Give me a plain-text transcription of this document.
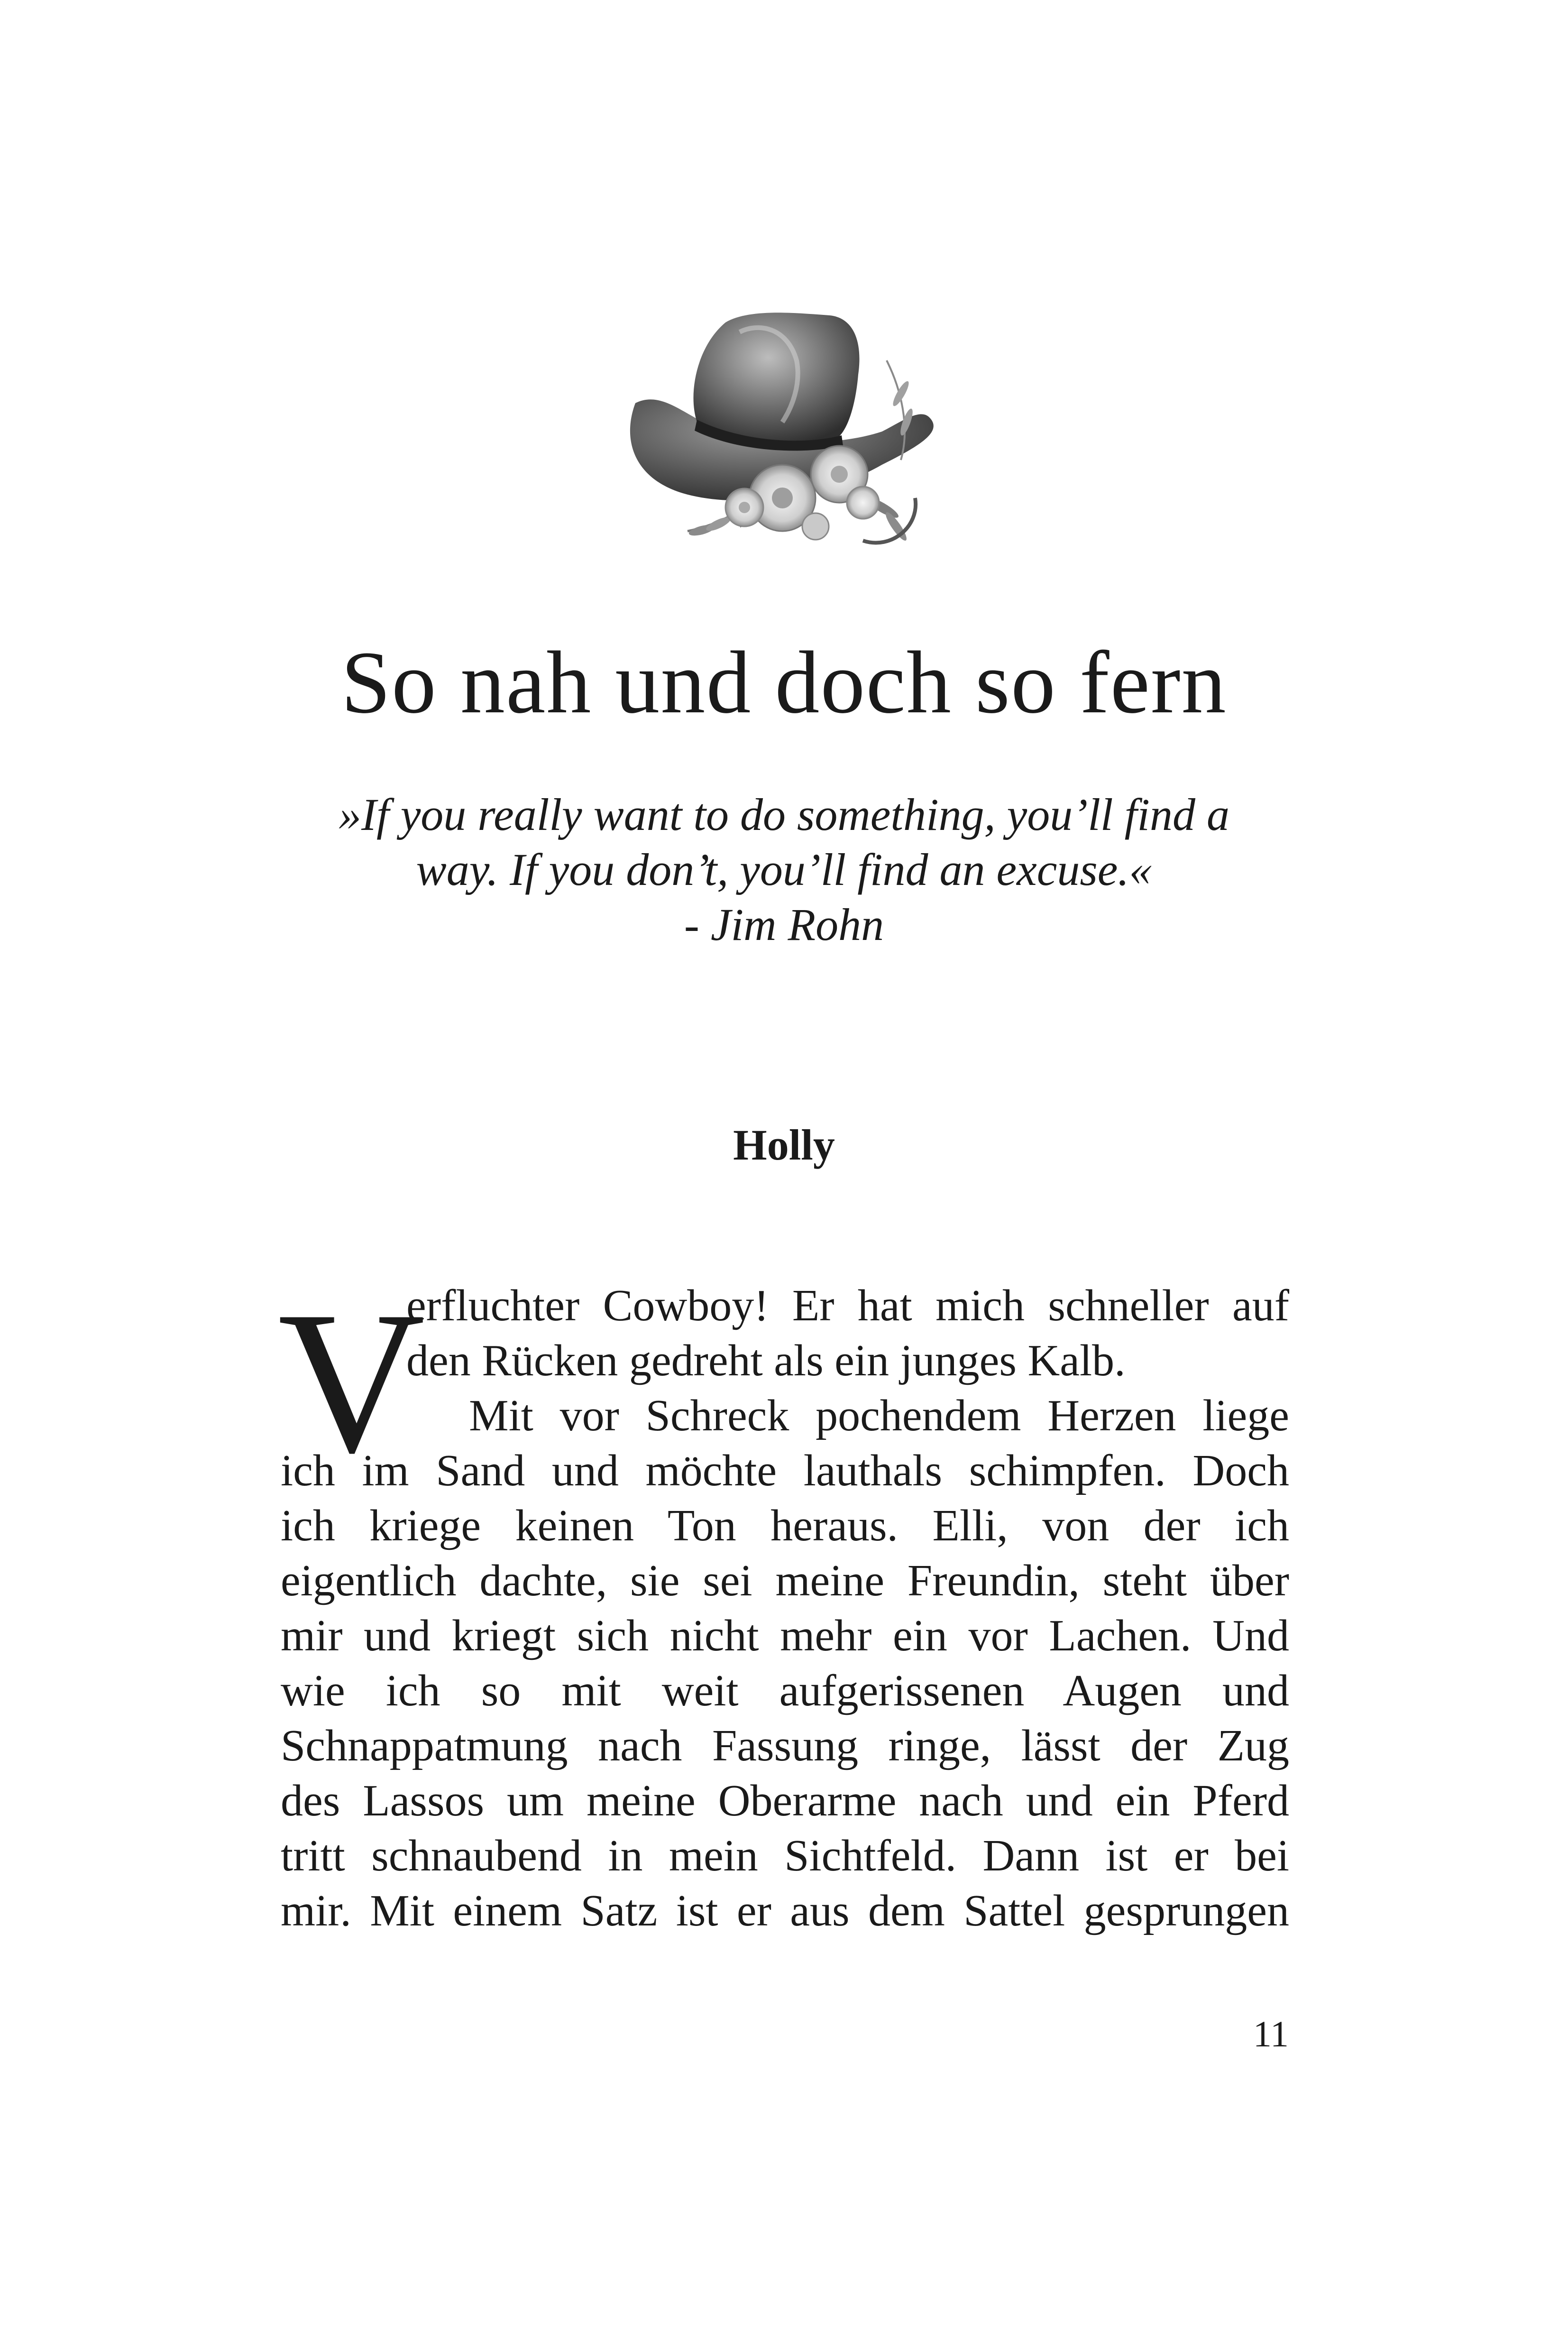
So nah und doch so fern
»If you really want to do something, you’ll find a
way. If you don’t, you’ll find an excuse.«
- Jim Rohn
Holly
V
erfluchter Cowboy! Er hat mich schneller auf
den Rücken gedreht als ein junges Kalb.
Mit vor Schreck pochendem Herzen liege
ich im Sand und möchte lauthals schimpfen. Doch
ich kriege keinen Ton heraus. Elli, von der ich
eigentlich dachte, sie sei meine Freundin, steht über
mir und kriegt sich nicht mehr ein vor Lachen. Und
wie ich so mit weit aufgerissenen Augen und
Schnappatmung nach Fassung ringe, lässt der Zug
des Lassos um meine Oberarme nach und ein Pferd
tritt schnaubend in mein Sichtfeld. Dann ist er bei
mir. Mit einem Satz ist er aus dem Sattel gesprungen
11
